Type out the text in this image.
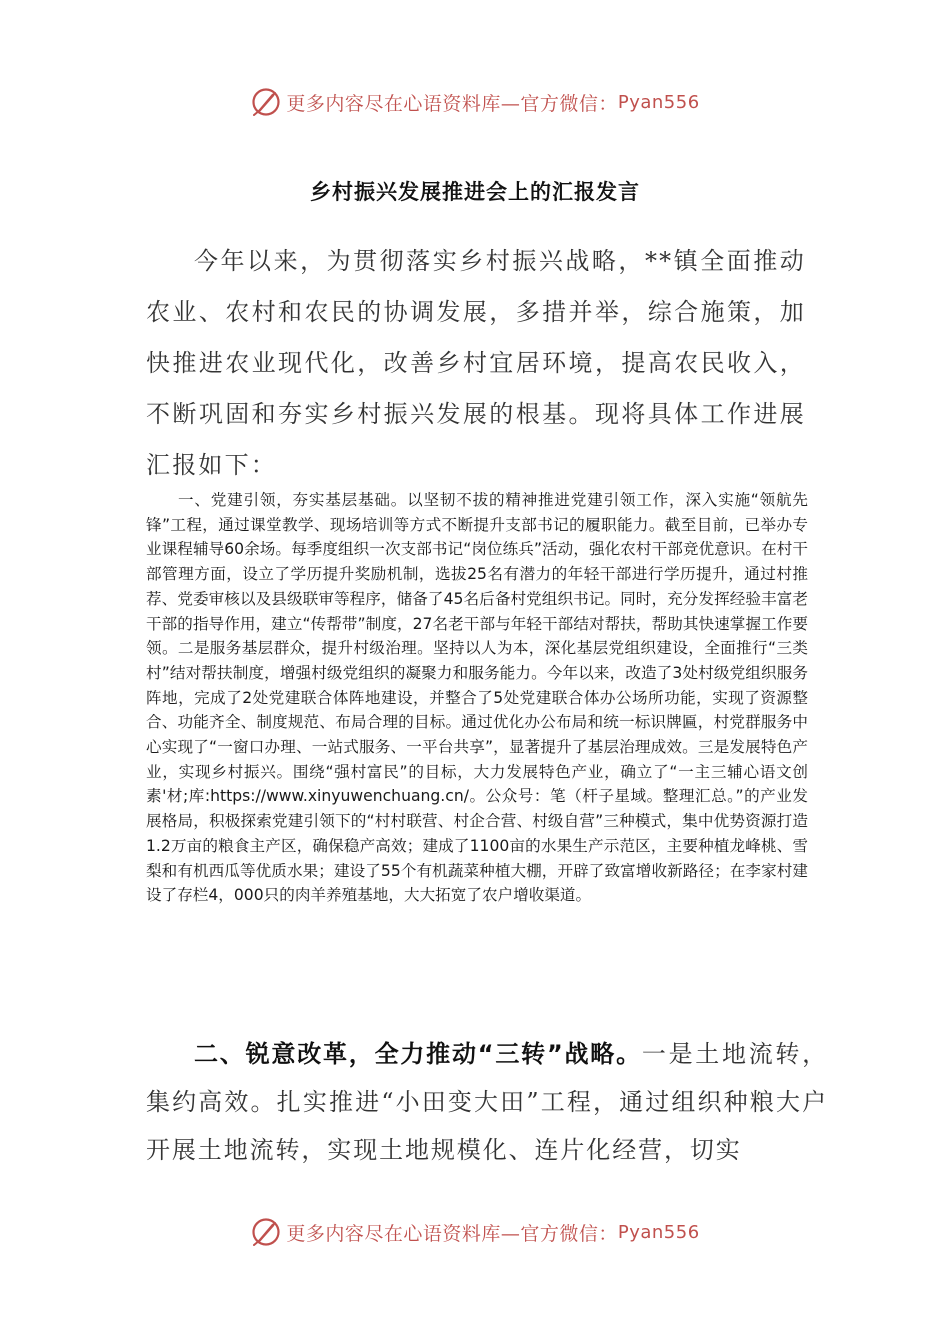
更多内容尽在心语资料库—官方微信： Pyan556
乡村振兴发展推进会上的汇报发言

今年以来，为贯彻落实乡村振兴战略，**镇全面推动农业、农村和农民的协调发展，多措并举，综合施策，加快推进农业现代化，改善乡村宜居环境，提高农民收入，不断巩固和夯实乡村振兴发展的根基。现将具体工作进展汇报如下：

一、党建引领，夯实基层基础。以坚韧不拔的精神推进党建引领工作，深入实施“领航先锋”工程，通过课堂教学、现场培训等方式不断提升支部书记的履职能力。截至目前，已举办专业课程辅导60余场。每季度组织一次支部书记“岗位练兵”活动，强化农村干部竞优意识。在村干部管理方面，设立了学历提升奖励机制，选拔25名有潜力的年轻干部进行学历提升，通过村推荐、党委审核以及县级联审等程序，储备了45名后备村党组织书记。同时，充分发挥经验丰富老干部的指导作用，建立“传帮带”制度，27名老干部与年轻干部结对帮扶，帮助其快速掌握工作要领。二是服务基层群众，提升村级治理。坚持以人为本，深化基层党组织建设，全面推行“三类村”结对帮扶制度，增强村级党组织的凝聚力和服务能力。今年以来，改造了3处村级党组织服务阵地，完成了2处党建联合体阵地建设，并整合了5处党建联合体办公场所功能，实现了资源整合、功能齐全、制度规范、布局合理的目标。通过优化办公布局和统一标识牌匾，村党群服务中心实现了“一窗口办理、一站式服务、一平台共享”，显著提升了基层治理成效。三是发展特色产业，实现乡村振兴。围绕“强村富民”的目标，大力发展特色产业，确立了“一主三辅心语文创素'材;库:https://www.xinyuwenchuang.cn/。公众号：笔（杆子星域。整理汇总。”的产业发展格局，积极探索党建引领下的“村村联营、村企合营、村级自营”三种模式，集中优势资源打造1.2万亩的粮食主产区，确保稳产高效；建成了1100亩的水果生产示范区，主要种植龙峰桃、雪梨和有机西瓜等优质水果；建设了55个有机蔬菜种植大棚，开辟了致富增收新路径；在李家村建设了存栏4，000只的肉羊养殖基地，大大拓宽了农户增收渠道。

二、锐意改革，全力推动“三转”战略。一是土地流转，集约高效。扎实推进“小田变大田”工程，通过组织种粮大户开展土地流转，实现土地规模化、连片化经营，切实

更多内容尽在心语资料库—官方微信： Pyan556
